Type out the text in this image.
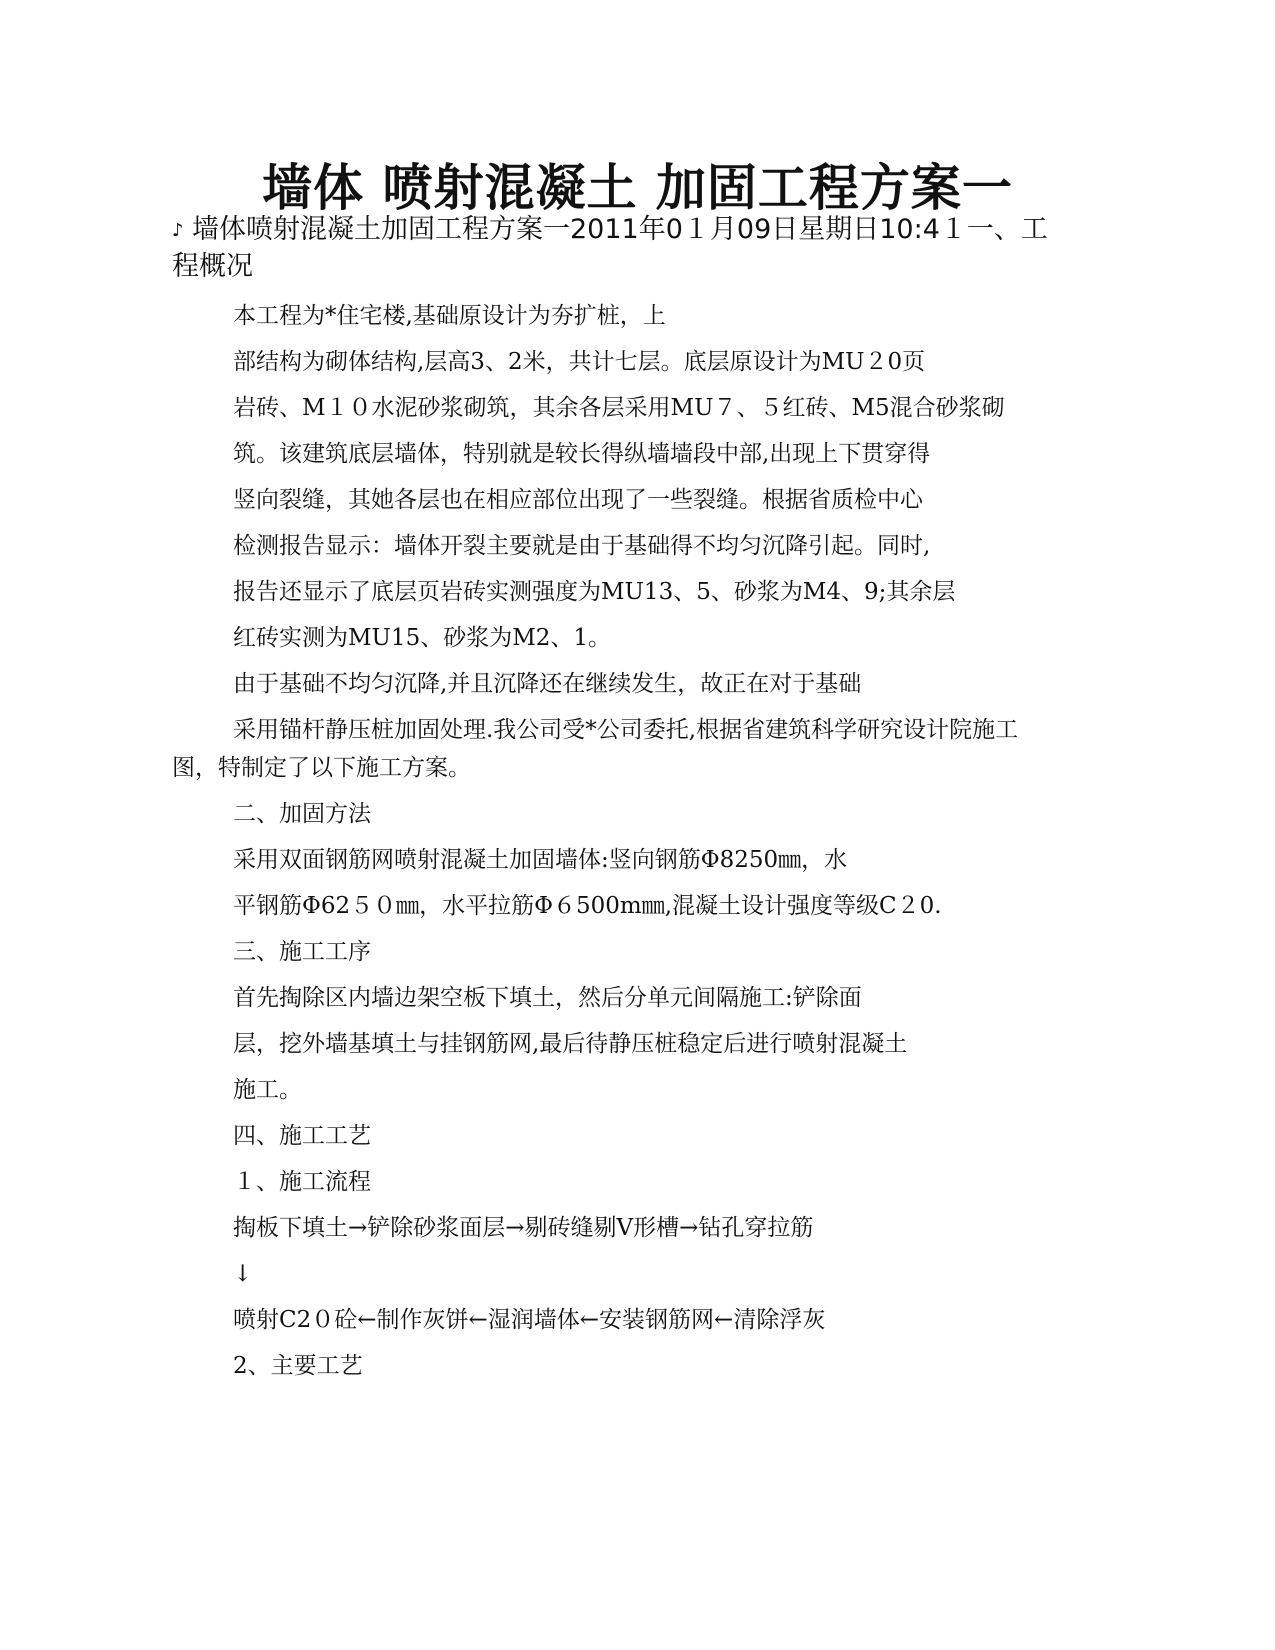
墙体 喷射混凝土 加固工程方案一
♪ 墙体喷射混凝土加固工程方案一2011年0１月09日星期日10:4１一、工程概况
本工程为*住宅楼,基础原设计为夯扩桩，上
部结构为砌体结构,层高3、2米，共计七层。底层原设计为MU２0页
岩砖、M１０水泥砂浆砌筑，其余各层采用MU７、５红砖、M5混合砂浆砌
筑。该建筑底层墙体，特别就是较长得纵墙墙段中部,出现上下贯穿得
竖向裂缝，其她各层也在相应部位出现了一些裂缝。根据省质检中心
检测报告显示：墙体开裂主要就是由于基础得不均匀沉降引起。同时,
报告还显示了底层页岩砖实测强度为MU13、5、砂浆为M4、9;其余层
红砖实测为MU15、砂浆为M2、1。
由于基础不均匀沉降,并且沉降还在继续发生，故正在对于基础
采用锚杆静压桩加固处理.我公司受*公司委托,根据省建筑科学研究设计院施工
图，特制定了以下施工方案。
二、加固方法
采用双面钢筋网喷射混凝土加固墙体:竖向钢筋Φ8250㎜，水
平钢筋Φ62５０㎜，水平拉筋Φ６500m㎜,混凝土设计强度等级C２0.
三、施工工序
首先掏除区内墙边架空板下填土，然后分单元间隔施工:铲除面
层，挖外墙基填土与挂钢筋网,最后待静压桩稳定后进行喷射混凝土
施工。
四、施工工艺
１、施工流程
掏板下填土→铲除砂浆面层→剔砖缝剔V形槽→钻孔穿拉筋
↓
喷射C2０砼←制作灰饼←湿润墙体←安装钢筋网←清除浮灰
2、主要工艺
